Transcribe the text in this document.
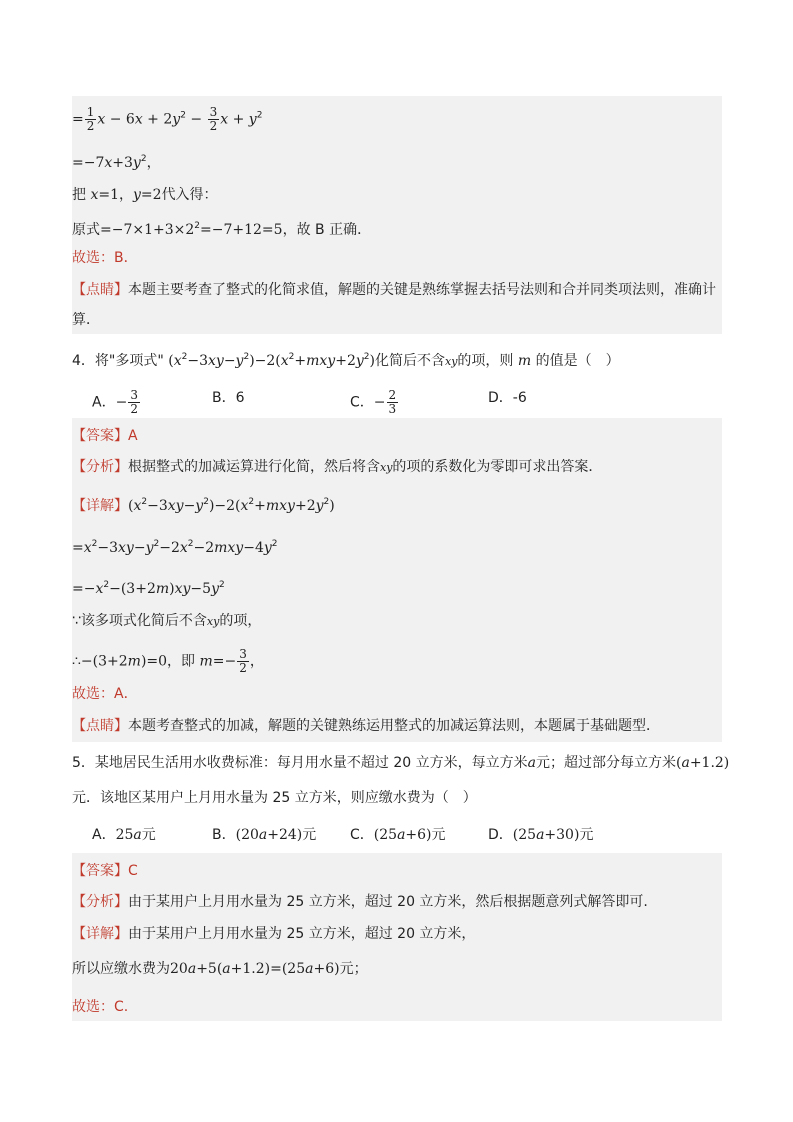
= $\frac{1}{2}$ $x - 6x + 2y^2 - \frac{3}{2}$ $x + y^2$
$=-7x+3y^2$，
把 x=1，y=2代入得：
原式$=-7\times 1+3\times 2^2=-7+12=5$，故 B 正确．
故选：B．
【点睛】本题主要考查了整式的化简求值，解题的关键是熟练掌握去括号法则和合并同类项法则，准确计
算．
4．将"多项式" $(x^2-3xy-y^2)-2(x^2+mxy+2y^2)$化简后不含xy的项，则 m 的值是（　）
A．− $\frac{3}{2}$	B．6	C．− $\frac{2}{3}$	D．-6
【答案】A
【分析】根据整式的加减运算进行化简，然后将含xy的项的系数化为零即可求出答案．
【详解】$(x^2-3xy-y^2)-2(x^2+mxy+2y^2)$
$=x^2-3xy-y^2-2x^2-2mxy-4y^2$
$=-x^2-(3+2m)xy-5y^2$
∵该多项式化简后不含xy的项，
∴−(3+2m)=0，即 $m=- \frac{3}{2}$ ，
故选：A．
【点睛】本题考查整式的加减，解题的关键熟练运用整式的加减运算法则，本题属于基础题型．
5．某地居民生活用水收费标准：每月用水量不超过 20 立方米，每立方米a元；超过部分每立方米(a+1.2)
元．该地区某用户上月用水量为 25 立方米，则应缴水费为（　）
A．25a元	B．(20a+24)元 C．(25a+6)元	D．(25a+30)元
【答案】C
【分析】由于某用户上月用水量为 25 立方米，超过 20 立方米，然后根据题意列式解答即可.
【详解】由于某用户上月用水量为 25 立方米，超过 20 立方米，
所以应缴水费为20a+5(a+1.2)=(25a+6)元；
故选：C.
